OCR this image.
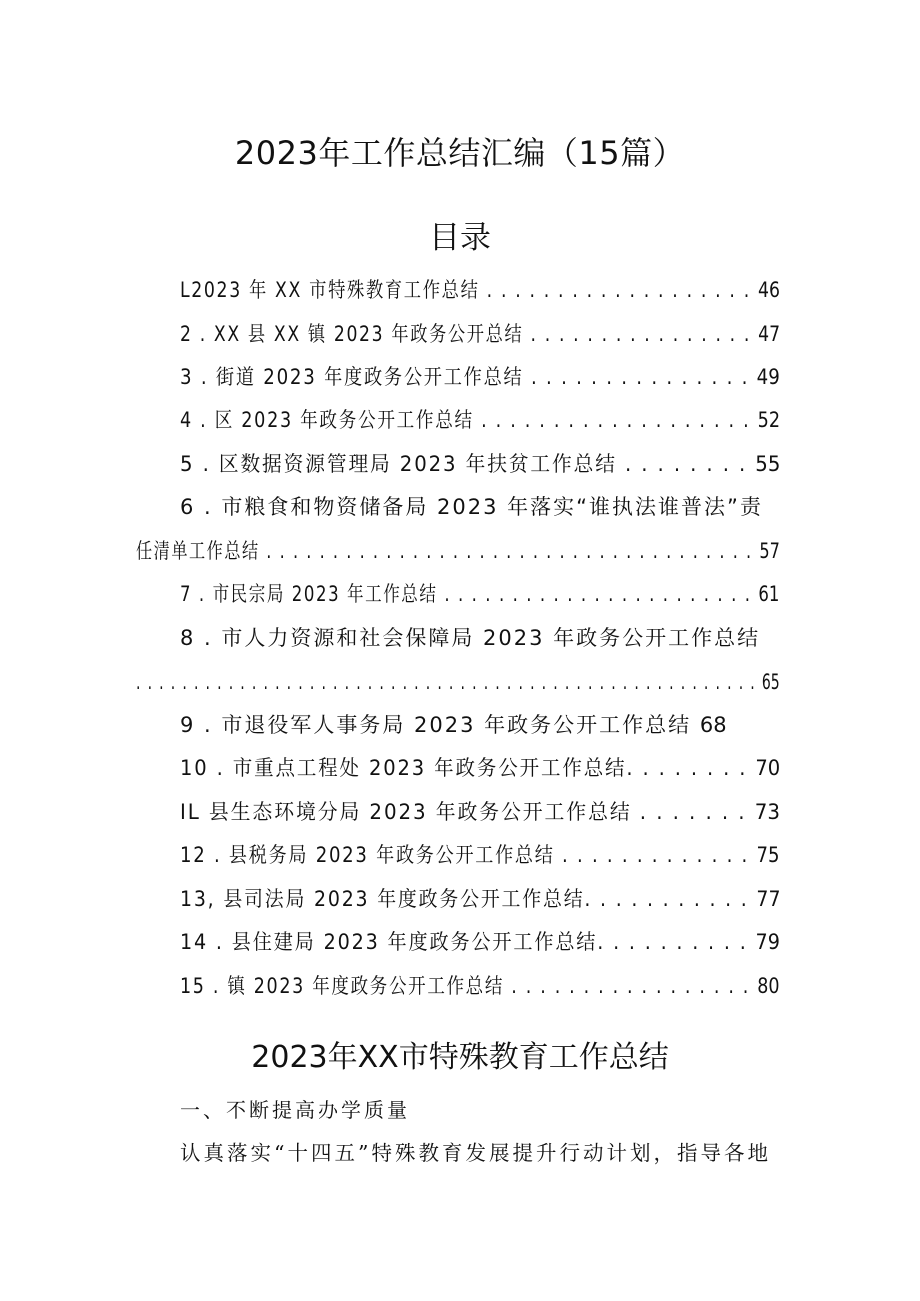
2023年工作总结汇编（15篇）
目录
L2023 年 XX 市特殊教育工作总结 . . . . . . . . . . . . . . . . . . . 46
2 . XX 县 XX 镇 2023 年政务公开总结 . . . . . . . . . . . . . . . . 47
3 . 街道 2023 年度政务公开工作总结 . . . . . . . . . . . . . . . 49
4 . 区 2023 年政务公开工作总结 . . . . . . . . . . . . . . . . . . . 52
5 . 区数据资源管理局 2023 年扶贫工作总结 . . . . . . . . 55
6 . 市粮食和物资储备局 2023 年落实“谁执法谁普法”责
任清单工作总结 . . . . . . . . . . . . . . . . . . . . . . . . . . . . . . . . . . . . . 57
7 . 市民宗局 2023 年工作总结 . . . . . . . . . . . . . . . . . . . . . . . 61
8 . 市人力资源和社会保障局 2023 年政务公开工作总结
. . . . . . . . . . . . . . . . . . . . . . . . . . . . . . . . . . . . . . . . . . . . . . . . . . . . . . 65
9 . 市退役军人事务局 2023 年政务公开工作总结 68
10 . 市重点工程处 2023 年政务公开工作总结. . . . . . . . 70
IL 县生态环境分局 2023 年政务公开工作总结 . . . . . . . 73
12 . 县税务局 2023 年政务公开工作总结 . . . . . . . . . . . . . 75
13, 县司法局 2023 年度政务公开工作总结. . . . . . . . . . . 77
14 . 县住建局 2023 年度政务公开工作总结. . . . . . . . . . 79
15 . 镇 2023 年度政务公开工作总结 . . . . . . . . . . . . . . . . . 80
2023年XX市特殊教育工作总结
一、不断提高办学质量
认真落实“十四五”特殊教育发展提升行动计划，指导各地
